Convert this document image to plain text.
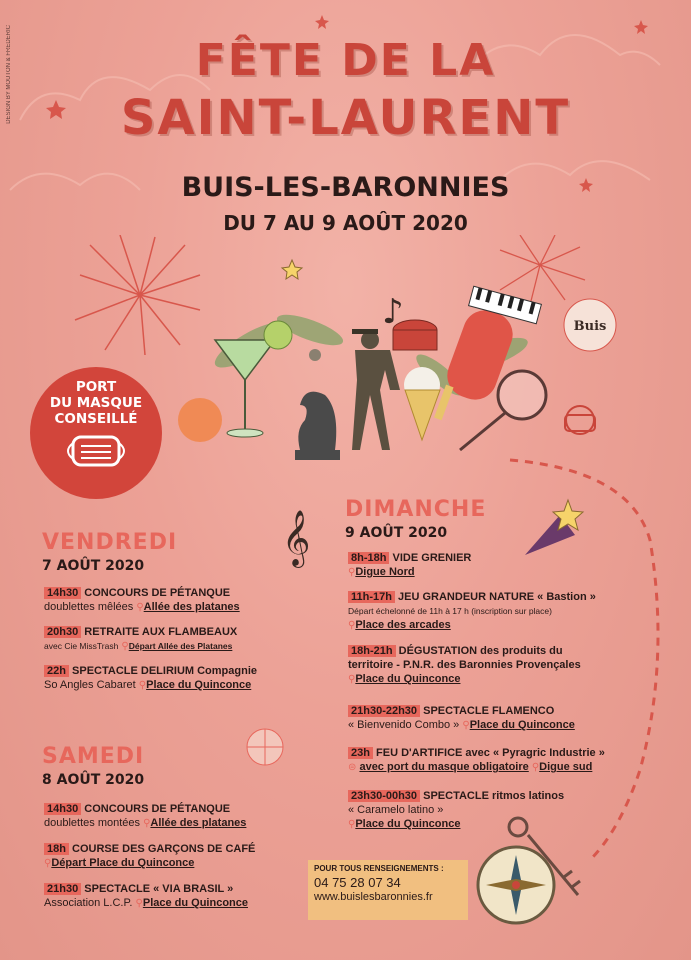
DESIGN BY MOUTON & FREDERIC	FÊTE DE LA
SAINT-LAURENT
BUIS-LES-BARONNIES
DU 7 AU 9 AOÛT 2020
♪	Buis
PORT
DU MASQUE
CONSEILLÉ
VENDREDI
7 AOÛT 2020
14h30 CONCOURS DE PÉTANQUE
doublettes mêlées ⚲Allée des platanes
20h30 RETRAITE AUX FLAMBEAUX
avec Cie MissTrash ⚲Départ Allée des Platanes
22h SPECTACLE DELIRIUM Compagnie
So Angles Cabaret ⚲Place du Quinconce
𝄞
SAMEDI
8 AOÛT 2020
14h30 CONCOURS DE PÉTANQUE
doublettes montées ⚲Allée des platanes
18h COURSE DES GARÇONS DE CAFÉ
⚲Départ Place du Quinconce
21h30 SPECTACLE « VIA BRASIL »
Association L.C.P. ⚲Place du Quinconce
DIMANCHE
9 AOÛT 2020
8h-18h VIDE GRENIER
⚲Digue Nord
11h-17h JEU GRANDEUR NATURE « Bastion »
Départ échelonné de 11h à 17 h (inscription sur place)
⚲Place des arcades
18h-21h DÉGUSTATION des produits du
territoire - P.N.R. des Baronnies Provençales
⚲Place du Quinconce
21h30-22h30 SPECTACLE FLAMENCO
« Bienvenido Combo » ⚲Place du Quinconce
23h FEU D'ARTIFICE avec « Pyragric Industrie »
⊜ avec port du masque obligatoire ⚲Digue sud
23h30-00h30 SPECTACLE ritmos latinos
« Caramelo latino »
⚲Place du Quinconce
POUR TOUS RENSEIGNEMENTS :
04 75 28 07 34
www.buislesbaronnies.fr
